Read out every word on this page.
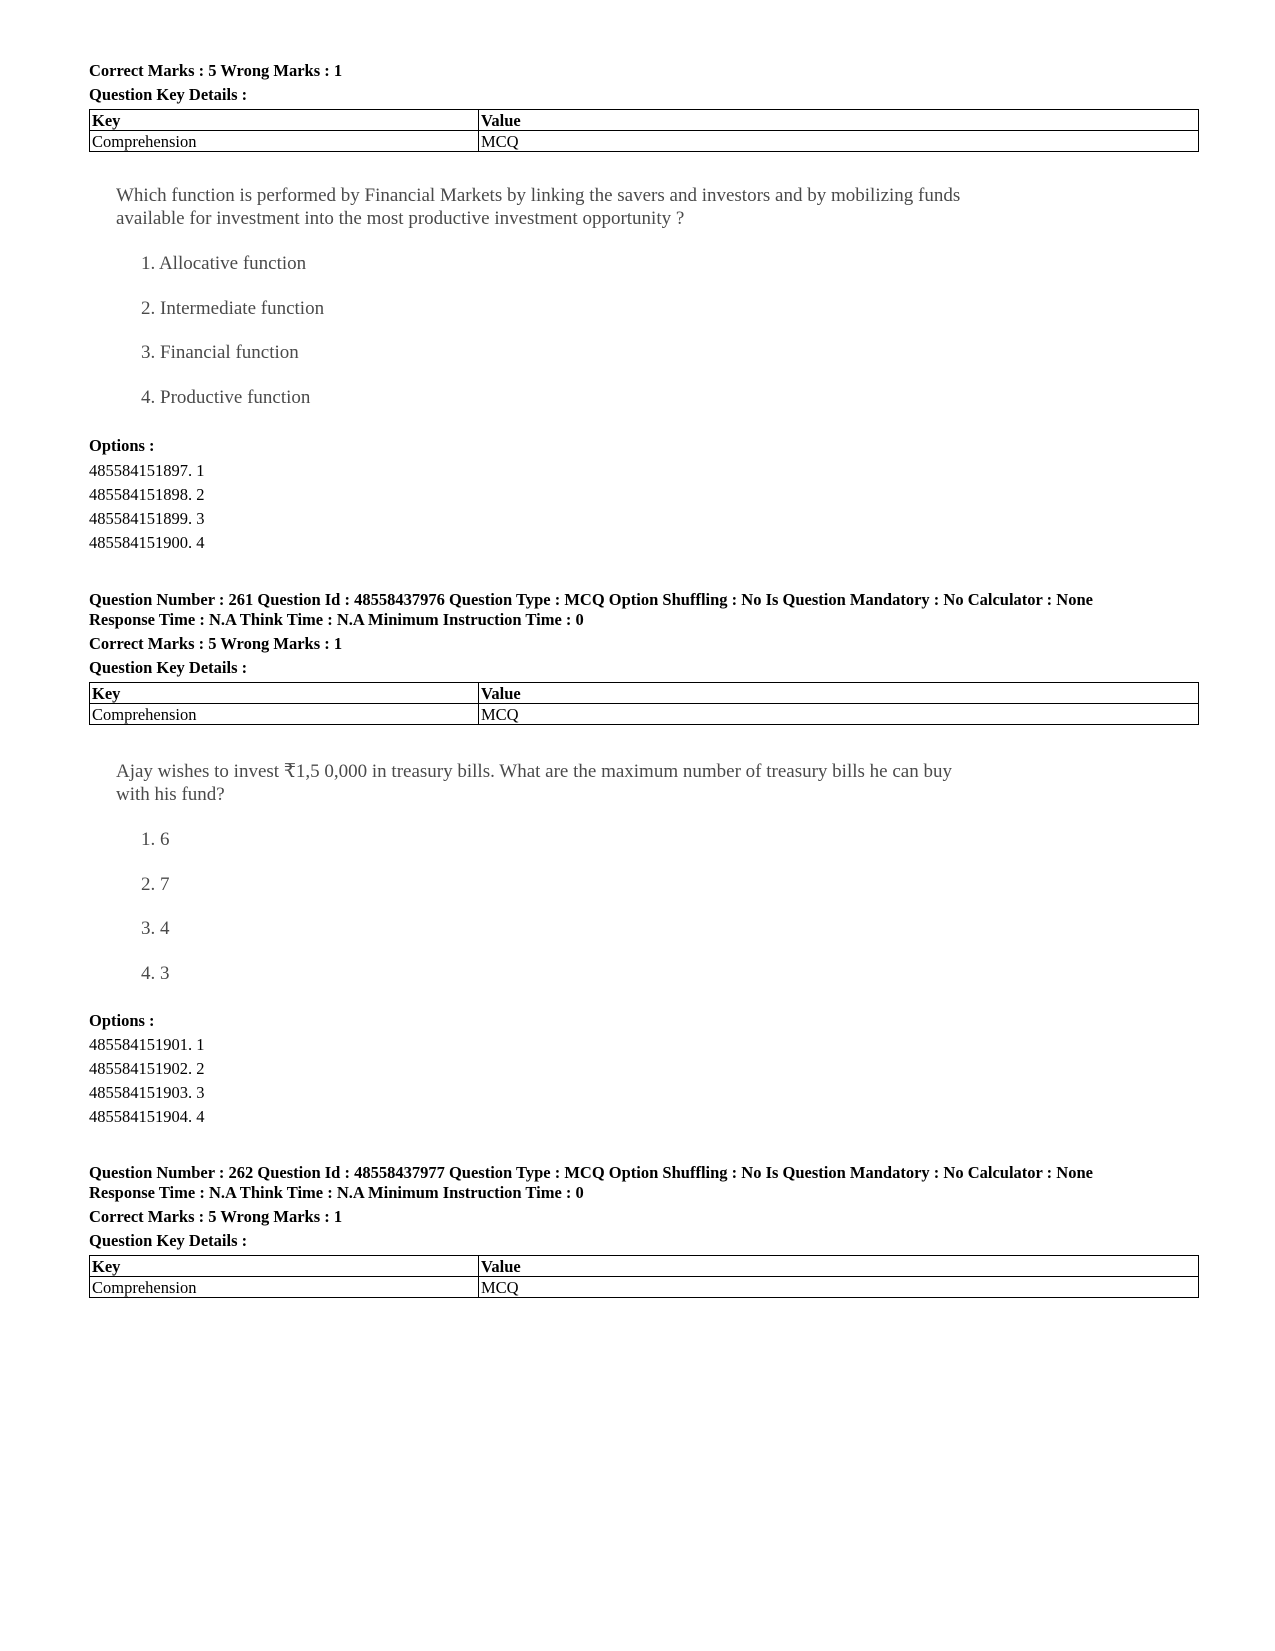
Correct Marks : 5 Wrong Marks : 1

Question Key Details :

Key	Value
Comprehension	MCQ

Which function is performed by Financial Markets by linking the savers and investors and by mobilizing funds

available for investment into the most productive investment opportunity ?

1. Allocative function

2. Intermediate function

3. Financial function

4. Productive function

Options :

485584151897. 1

485584151898. 2

485584151899. 3

485584151900. 4

Question Number : 261 Question Id : 48558437976 Question Type : MCQ Option Shuffling : No Is Question Mandatory : No Calculator : None

Response Time : N.A Think Time : N.A Minimum Instruction Time : 0

Correct Marks : 5 Wrong Marks : 1

Question Key Details :

Key	Value
Comprehension	MCQ

Ajay wishes to invest ₹1,5 0,000 in treasury bills. What are the maximum number of treasury bills he can buy

with his fund?

1. 6

2. 7

3. 4

4. 3

Options :

485584151901. 1

485584151902. 2

485584151903. 3

485584151904. 4

Question Number : 262 Question Id : 48558437977 Question Type : MCQ Option Shuffling : No Is Question Mandatory : No Calculator : None

Response Time : N.A Think Time : N.A Minimum Instruction Time : 0

Correct Marks : 5 Wrong Marks : 1

Question Key Details :

Key	Value
Comprehension	MCQ
